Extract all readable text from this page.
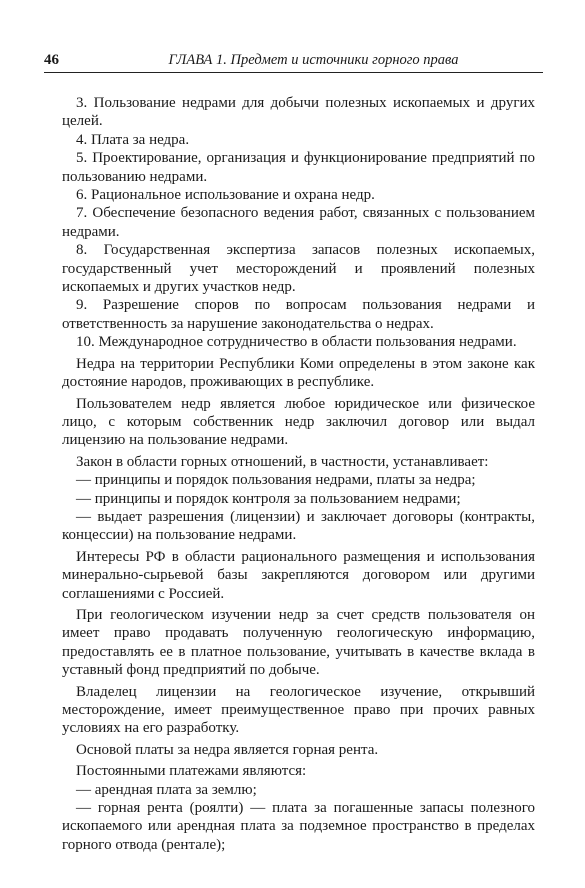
46	ГЛАВА 1. Предмет и источники горного права

3. Пользование недрами для добычи полезных ископаемых и других целей.

4. Плата за недра.

5. Проектирование, организация и функционирование предприятий по пользованию недрами.

6. Рациональное использование и охрана недр.

7. Обеспечение безопасного ведения работ, связанных с пользованием недрами.

8. Государственная экспертиза запасов полезных ископаемых, государственный учет месторождений и проявлений полезных ископаемых и других участков недр.

9. Разрешение споров по вопросам пользования недрами и ответственность за нарушение законодательства о недрах.

10. Международное сотрудничество в области пользования недрами.

Недра на территории Республики Коми определены в этом законе как достояние народов, проживающих в республике.

Пользователем недр является любое юридическое или физическое лицо, с которым собственник недр заключил договор или выдал лицензию на пользование недрами.

Закон в области горных отношений, в частности, устанавливает:

— принципы и порядок пользования недрами, платы за недра;

— принципы и порядок контроля за пользованием недрами;

— выдает разрешения (лицензии) и заключает договоры (контракты, концессии) на пользование недрами.

Интересы РФ в области рационального размещения и использования минерально-сырьевой базы закрепляются договором или другими соглашениями с Россией.

При геологическом изучении недр за счет средств пользователя он имеет право продавать полученную геологическую информацию, предоставлять ее в платное пользование, учитывать в качестве вклада в уставный фонд предприятий по добыче.

Владелец лицензии на геологическое изучение, открывший месторождение, имеет преимущественное право при прочих равных условиях на его разработку.

Основой платы за недра является горная рента.

Постоянными платежами являются:

— арендная плата за землю;

— горная рента (роялти) — плата за погашенные запасы полезного ископаемого или арендная плата за подземное пространство в пределах горного отвода (рентале);
